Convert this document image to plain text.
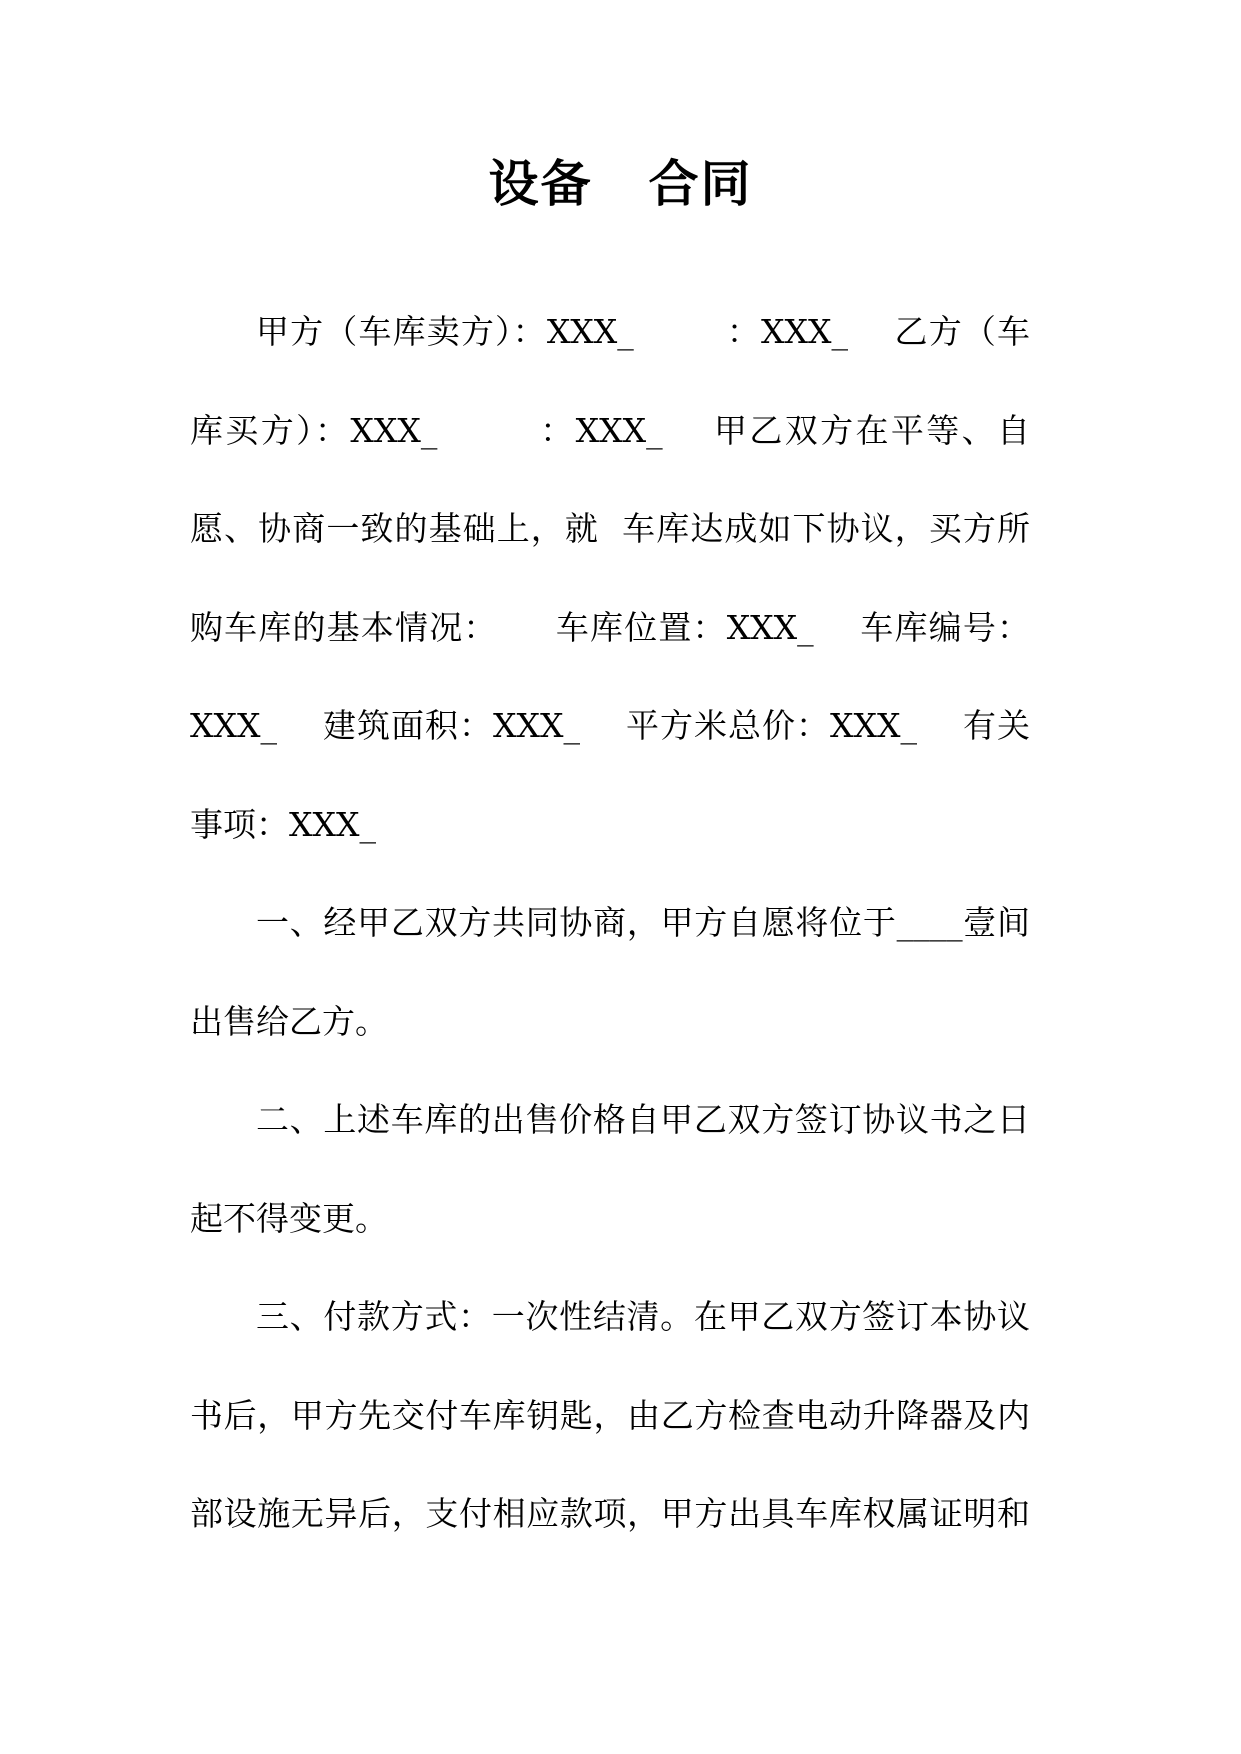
设备 合同
甲方（车库卖方）：XXX_        ：XXX_    乙方（车
库买方）：XXX_        ：XXX_    甲乙双方在平等、自
愿、协商一致的基础上，就  车库达成如下协议，买方所
购车库的基本情况：     车库位置：XXX_    车库编号：
XXX_    建筑面积：XXX_    平方米总价：XXX_    有关
事项：XXX_
一、经甲乙双方共同协商，甲方自愿将位于____壹间
出售给乙方。
二、上述车库的出售价格自甲乙双方签订协议书之日
起不得变更。
三、付款方式：一次性结清。在甲乙双方签订本协议
书后，甲方先交付车库钥匙，由乙方检查电动升降器及内
部设施无异后，支付相应款项，甲方出具车库权属证明和
